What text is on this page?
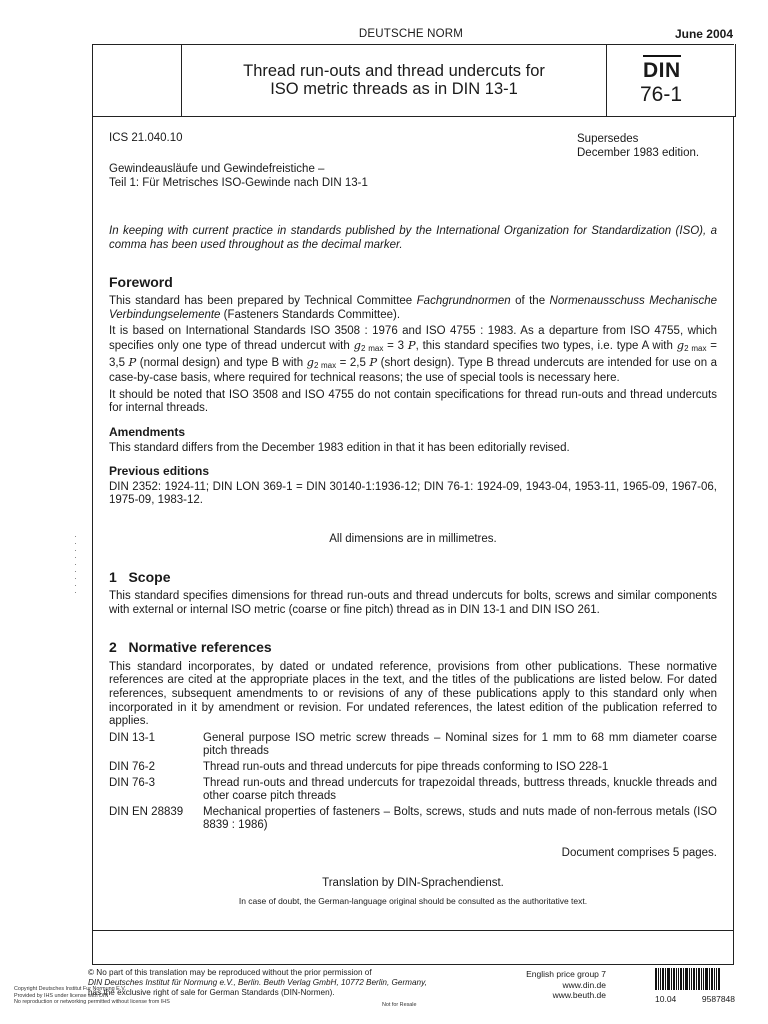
DEUTSCHE NORM	June 2004
Thread run-outs and thread undercuts for
ISO metric threads as in DIN 13-1
DIN
76-1
ICS 21.040.10	Supersedes
December 1983 edition.
Gewindeausläufe und Gewindefreistiche –
Teil 1: Für Metrisches ISO-Gewinde nach DIN 13-1

In keeping with current practice in standards published by the International Organization for Standardization (ISO), a comma has been used throughout as the decimal marker.

Foreword

This standard has been prepared by Technical Committee Fachgrundnormen of the Normenausschuss Mechanische Verbindungselemente (Fasteners Standards Committee).

It is based on International Standards ISO 3508 : 1976 and ISO 4755 : 1983. As a departure from ISO 4755, which specifies only one type of thread undercut with $g_{2 max} = 3$ P, this standard specifies two types, i.e. type A with $g_{2 max} = 3,5$ P (normal design) and type B with $g_{2 max} = 2,5$ P (short design). Type B thread undercuts are intended for use on a case-by-case basis, where required for technical reasons; the use of special tools is necessary here.

It should be noted that ISO 3508 and ISO 4755 do not contain specifications for thread run-outs and thread undercuts for internal threads.

Amendments

This standard differs from the December 1983 edition in that it has been editorially revised.

Previous editions

DIN 2352: 1924-11; DIN LON 369-1 = DIN 30140-1:1936-12; DIN 76-1: 1924-09, 1943-04, 1953-11, 1965-09, 1967-06, 1975-09, 1983-12.

All dimensions are in millimetres.

1 Scope

This standard specifies dimensions for thread run-outs and thread undercuts for bolts, screws and similar components with external or internal ISO metric (coarse or fine pitch) thread as in DIN 13-1 and DIN ISO 261.

2 Normative references

This standard incorporates, by dated or undated reference, provisions from other publications. These normative references are cited at the appropriate places in the text, and the titles of the publications are listed below. For dated references, subsequent amendments to or revisions of any of these publications apply to this standard only when incorporated in it by amendment or revision. For undated references, the latest edition of the publication referred to applies.

DIN 13-1	General purpose ISO metric screw threads – Nominal sizes for 1 mm to 68 mm diameter coarse pitch threads
DIN 76-2	Thread run-outs and thread undercuts for pipe threads conforming to ISO 228-1
DIN 76-3	Thread run-outs and thread undercuts for trapezoidal threads, buttress threads, knuckle threads and other coarse pitch threads
DIN EN 28839	Mechanical properties of fasteners – Bolts, screws, studs and nuts made of non-ferrous metals (ISO 8839 : 1986)

Document comprises 5 pages.

Translation by DIN-Sprachendienst.

In case of doubt, the German-language original should be consulted as the authoritative text.

© No part of this translation may be reproduced without the prior permission of
DIN Deutsches Institut für Normung e.V., Berlin. Beuth Verlag GmbH, 10772 Berlin, Germany,
has the exclusive right of sale for German Standards (DIN-Normen).
English price group 7
www.din.de
www.beuth.de	10.04	9587848
Copyright Deutsches Institut Fur Normung E.V.
Provided by IHS under license with DIN
No reproduction or networking permitted without license from IHS	Not for Resale
